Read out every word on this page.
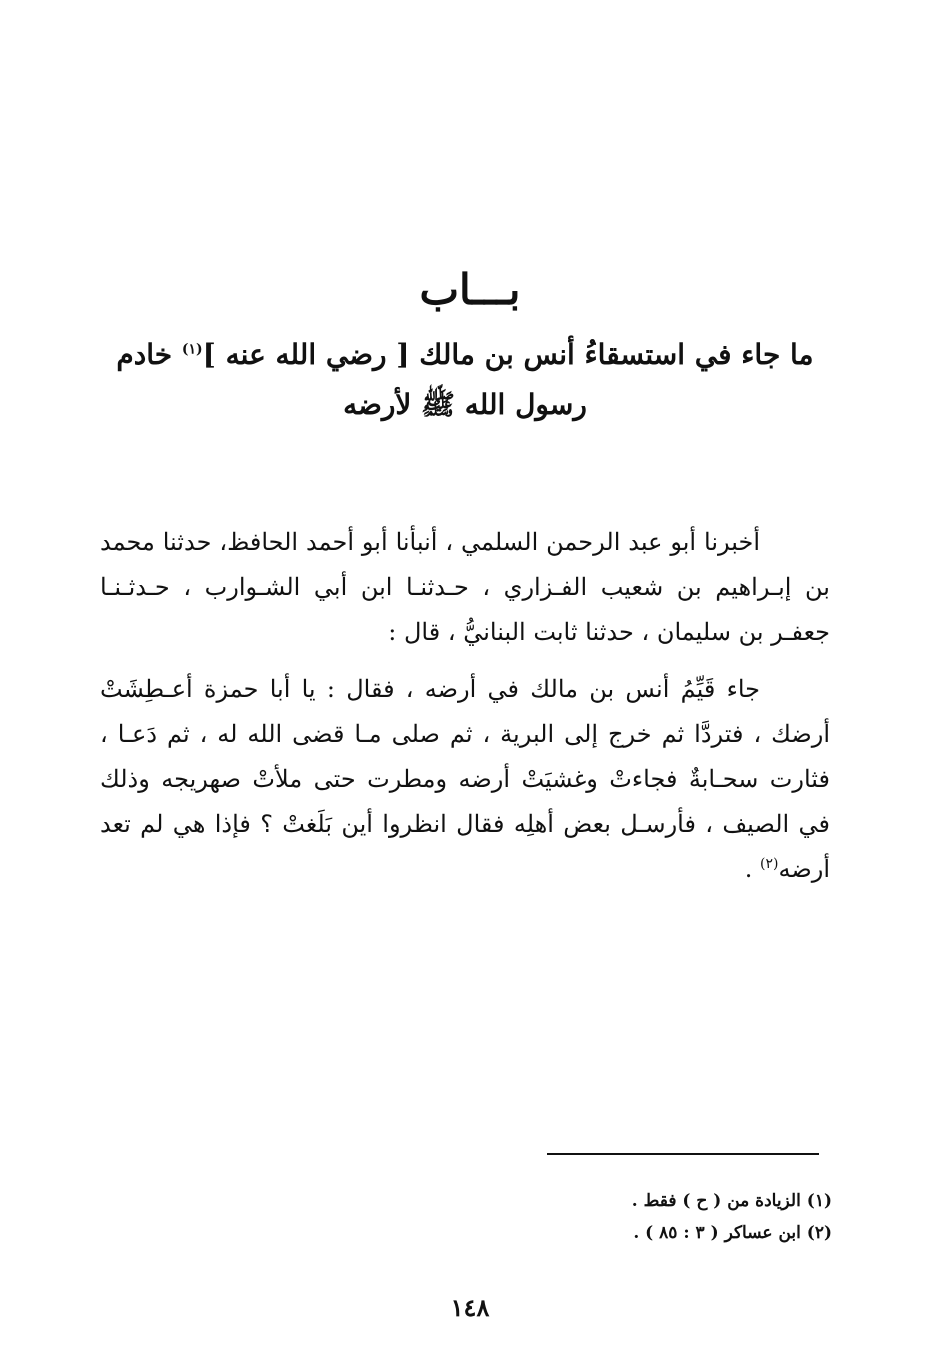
بـــاب
ما جاء في استسقاءُ أنس بن مالك [ رضي الله عنه ]$^{(١)}$ خادم رسول الله ﷺ لأرضه

أخبرنا أبو عبد الرحمن السلمي ، أنبأنا أبو أحمد الحافظ، حدثنا محمد بن إبـراهيم بن شعيب الفـزاري ، حـدثنـا ابن أبي الشـوارب ، حـدثـنـا جعفـر بن سليمان ، حدثنا ثابت البنانيُّ ، قال :

جاء قَيِّمُ أنس بن مالك في أرضه ، فقال : يا أبا حمزة أعـطِشَتْ أرضك ، فتردَّا ثم خرج إلى البرية ، ثم صلى مـا قضى الله له ، ثم دَعـا ، فثارت سحـابةٌ فجاءتْ وغشيَتْ أرضه ومطرت حتى ملأتْ صهريجه وذلك في الصيف ، فأرسـل بعض أهلِه فقال انظروا أين بَلَغتْ ؟ فإذا هي لم تعد أرضه$^{(٢)}$ .

(١) الزيادة من ( ح ) فقط .
(٢) ابن عساكر ( ٣ : ٨٥ ) .
١٤٨
